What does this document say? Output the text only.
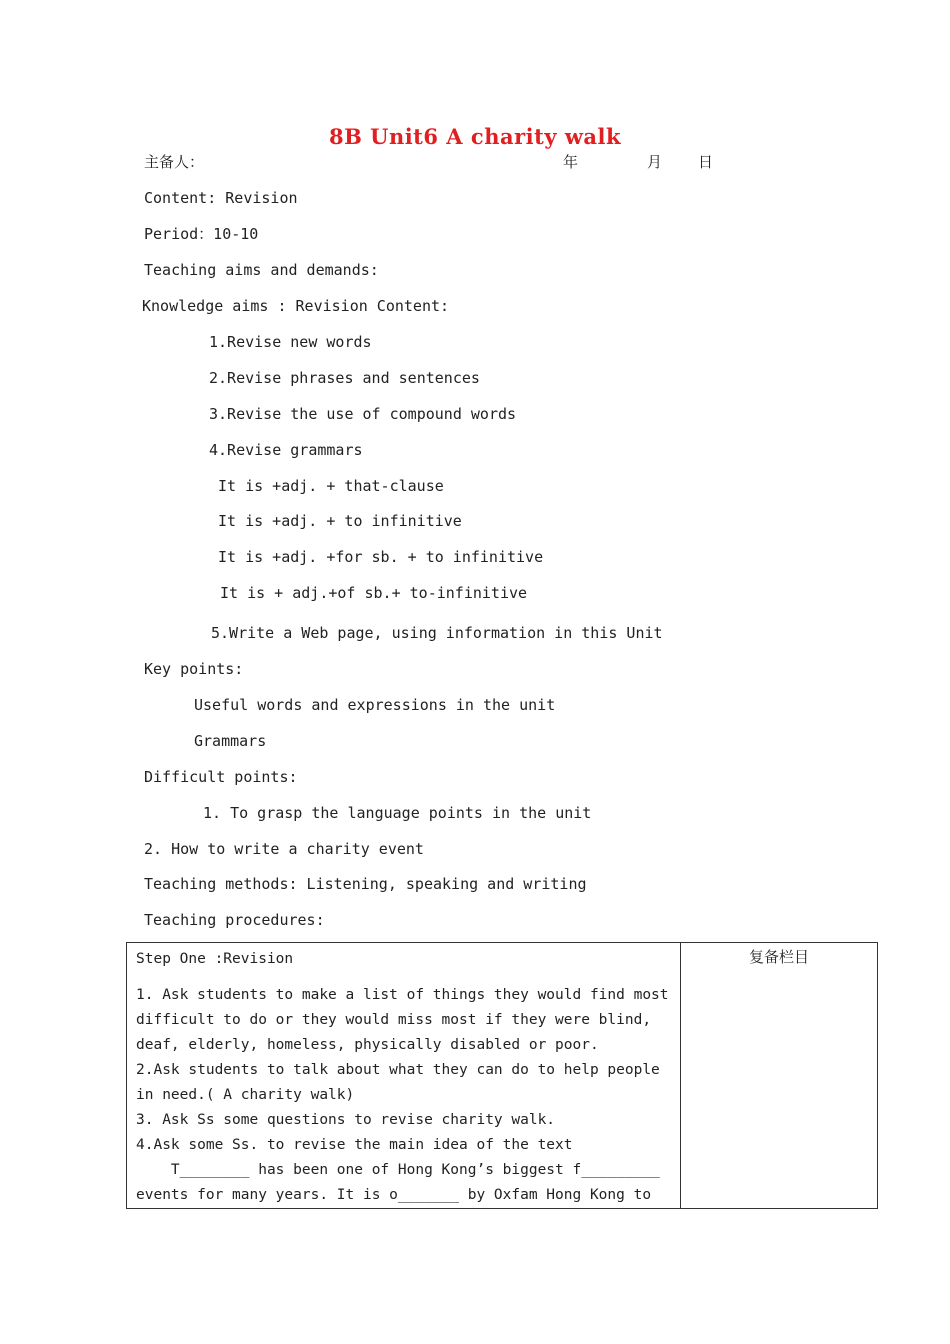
8B Unit6 A charity walk
主备人：	年	月 日
Content: Revision
Period：10-10
Teaching aims and demands:
Knowledge aims : Revision Content:
1.Revise new words
2.Revise phrases and sentences
3.Revise the use of compound words
4.Revise grammars
It is +adj. + that-clause
It is +adj. + to infinitive
It is +adj. +for sb. + to infinitive
It is + adj.+of sb.+ to-infinitive
5.Write a Web page, using information in this Unit
Key points:
Useful words and expressions in the unit
Grammars
Difficult points:
1. To grasp the language points in the unit
2. How to write a charity event
Teaching methods: Listening, speaking and writing
Teaching procedures:
Step One :Revision
1. Ask students to make a list of things they would find most difficult to do or they would miss most if they were blind, deaf, elderly, homeless, physically disabled or poor.
2.Ask students to talk about what they can do to help people in need.( A charity walk)
3. Ask Ss some questions to revise charity walk.
4.Ask some Ss. to revise the main idea of the text
T________ has been one of Hong Kong’s biggest f_________ events for many years. It is o_______ by Oxfam Hong Kong to
	复备栏目
